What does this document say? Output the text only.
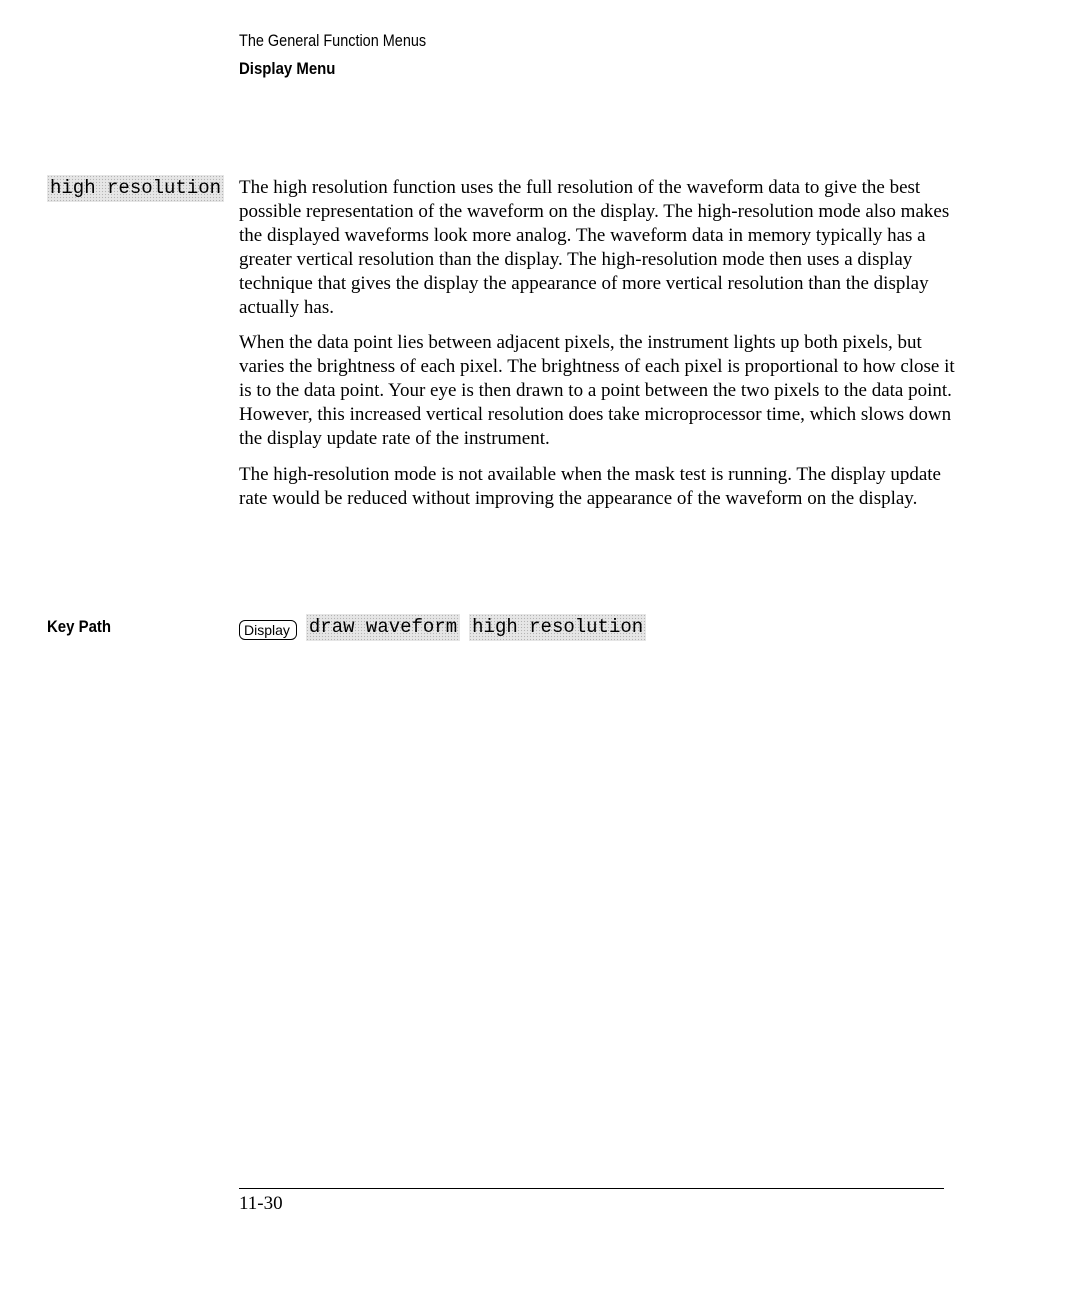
The General Function Menus
Display Menu
high resolution The high resolution function uses the full resolution of the waveform data to give the best possible representation of the waveform on the display. The high-resolution mode also makes the displayed waveforms look more analog. The waveform data in memory typically has a greater vertical resolution than the display. The high-resolution mode then uses a display technique that gives the display the appearance of more vertical resolution than the display actually has.

When the data point lies between adjacent pixels, the instrument lights up both pixels, but varies the brightness of each pixel. The brightness of each pixel is proportional to how close it is to the data point. Your eye is then drawn to a point between the two pixels to the data point. However, this increased vertical resolution does take microprocessor time, which slows down the display update rate of the instrument.

The high-resolution mode is not available when the mask test is running. The display update rate would be reduced without improving the appearance of the waveform on the display.

Key Path	Display draw waveform high resolution
11-30
